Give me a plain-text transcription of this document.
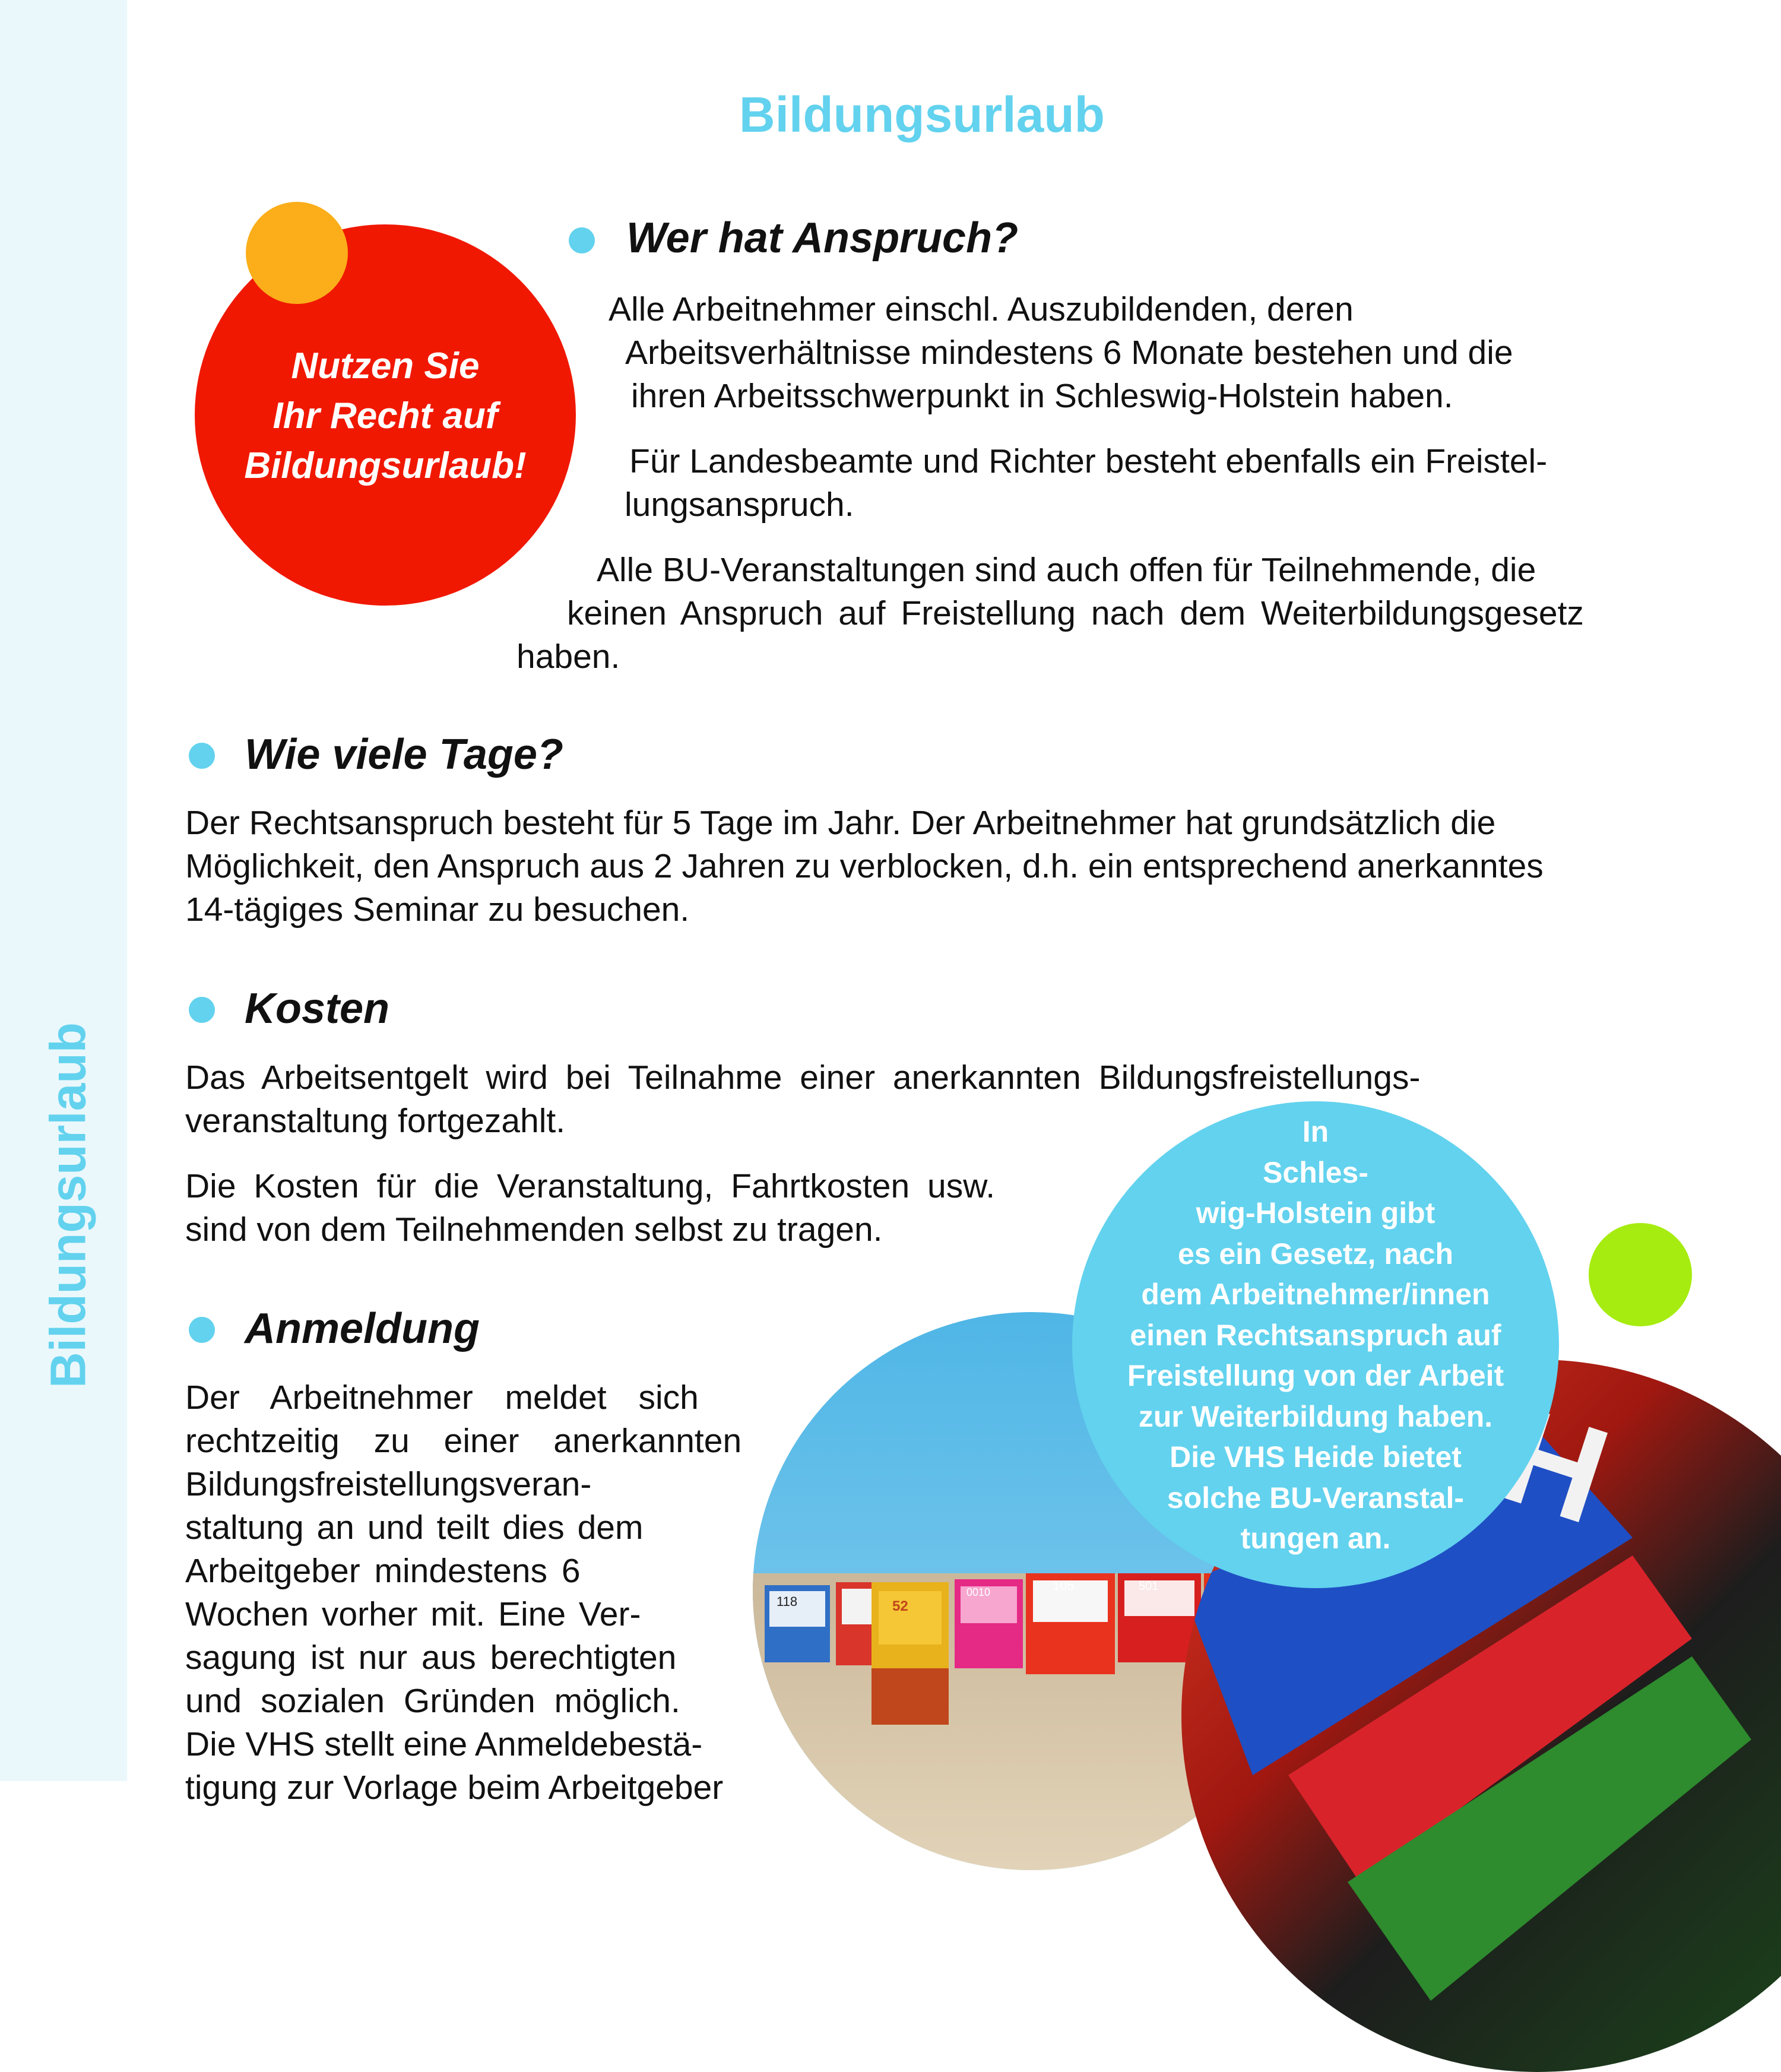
Bildungsurlaub
Bildungsurlaub
Nutzen Sie
Ihr Recht auf
Bildungsurlaub!
Wer hat Anspruch?
Alle Arbeitnehmer einschl. Auszubildenden, deren
Arbeitsverhältnisse mindestens 6 Monate bestehen und die
ihren Arbeitsschwerpunkt in Schleswig-Holstein haben.
Für Landesbeamte und Richter besteht ebenfalls ein Freistel-
lungsanspruch.
Alle BU-Veranstaltungen sind auch offen für Teilnehmende, die
keinen Anspruch auf Freistellung nach dem Weiterbildungsgesetz
haben.
Wie viele Tage?
Der Rechtsanspruch besteht für 5 Tage im Jahr. Der Arbeitnehmer hat grundsätzlich die
Möglichkeit, den Anspruch aus 2 Jahren zu verblocken, d.h. ein entsprechend anerkanntes
14-tägiges Seminar zu besuchen.
Kosten
Das Arbeitsentgelt wird bei Teilnahme einer anerkannten Bildungsfreistellungs-
veranstaltung fortgezahlt.
Die Kosten für die Veranstaltung, Fahrtkosten usw.
sind von dem Teilnehmenden selbst zu tragen.
Anmeldung
Der Arbeitnehmer meldet sich
rechtzeitig zu einer anerkannten
Bildungsfreistellungsveran-
staltung an und teilt dies dem
Arbeitgeber mindestens 6
Wochen vorher mit. Eine Ver-
sagung ist nur aus berechtigten
und sozialen Gründen möglich.
Die VHS stellt eine Anmeldebestä-
tigung zur Vorlage beim Arbeitgeber
118	52
0010	105	501
In
Schles-
wig-Holstein gibt
es ein Gesetz, nach
dem Arbeitnehmer/innen
einen Rechtsanspruch auf
Freistellung von der Arbeit
zur Weiterbildung haben.
Die VHS Heide bietet
solche BU-Veranstal-
tungen an.
